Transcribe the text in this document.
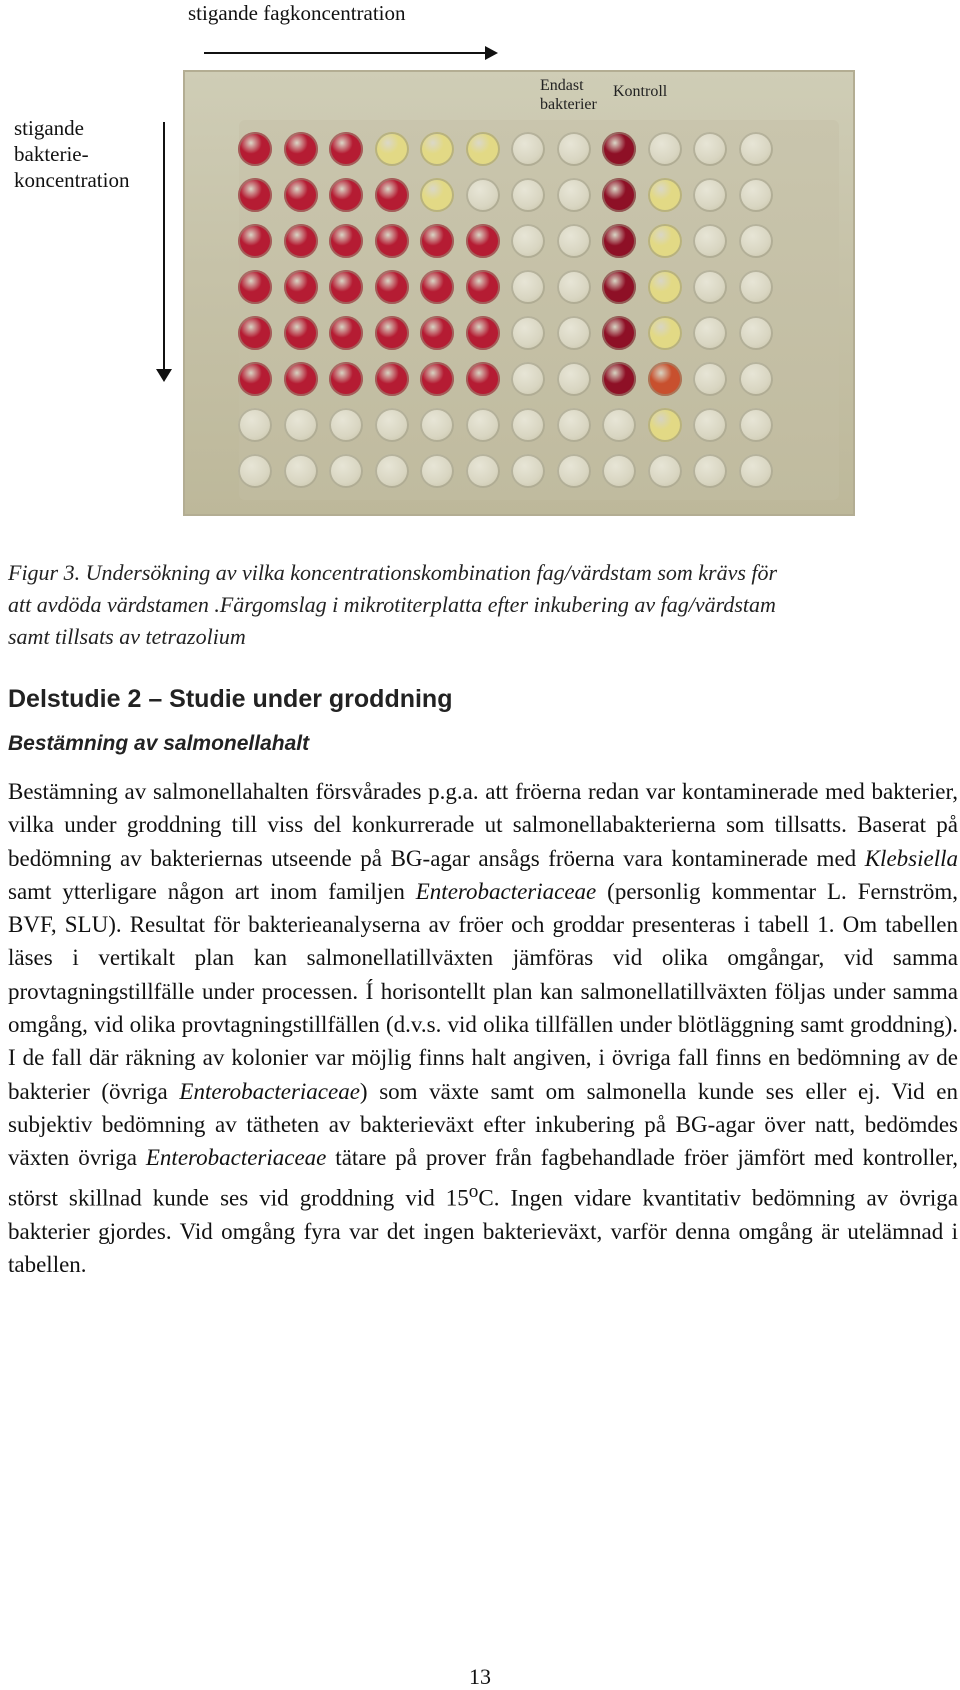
stigande fagkoncentration
stigande
bakterie-
koncentration
Endast
bakterier
Kontroll
Figur 3. Undersökning av vilka koncentrationskombination fag/värdstam som krävs för
att avdöda värdstamen .Färgomslag i mikrotiterplatta efter inkubering av fag/värdstam
samt tillsats av tetrazolium
Delstudie 2 – Studie under groddning
Bestämning av salmonellahalt
Bestämning av salmonellahalten försvårades p.g.a. att fröerna redan var kontaminerade med bakterier, vilka under groddning till viss del konkurrerade ut salmonellabakterierna som tillsatts. Baserat på bedömning av bakteriernas utseende på BG-agar ansågs fröerna vara kontaminerade med Klebsiella samt ytterligare någon art inom familjen Enterobacteriaceae (personlig kommentar L. Fernström, BVF, SLU). Resultat för bakterieanalyserna av fröer och groddar presenteras i tabell 1. Om tabellen läses i vertikalt plan kan salmonellatillväxten jämföras vid olika omgångar, vid samma provtagningstillfälle under processen. Í horisontellt plan kan salmonellatillväxten följas under samma omgång, vid olika provtagningstillfällen (d.v.s. vid olika tillfällen under blötläggning samt groddning). I de fall där räkning av kolonier var möjlig finns halt angiven, i övriga fall finns en bedömning av de bakterier (övriga Enterobacteriaceae) som växte samt om salmonella kunde ses eller ej. Vid en subjektiv bedömning av tätheten av bakterieväxt efter inkubering på BG-agar över natt, bedömdes växten övriga Enterobacteriaceae tätare på prover från fagbehandlade fröer jämfört med kontroller, störst skillnad kunde ses vid groddning vid 15$^o$C. Ingen vidare kvantitativ bedömning av övriga bakterier gjordes. Vid omgång fyra var det ingen bakterieväxt, varför denna omgång är utelämnad i tabellen.
13
